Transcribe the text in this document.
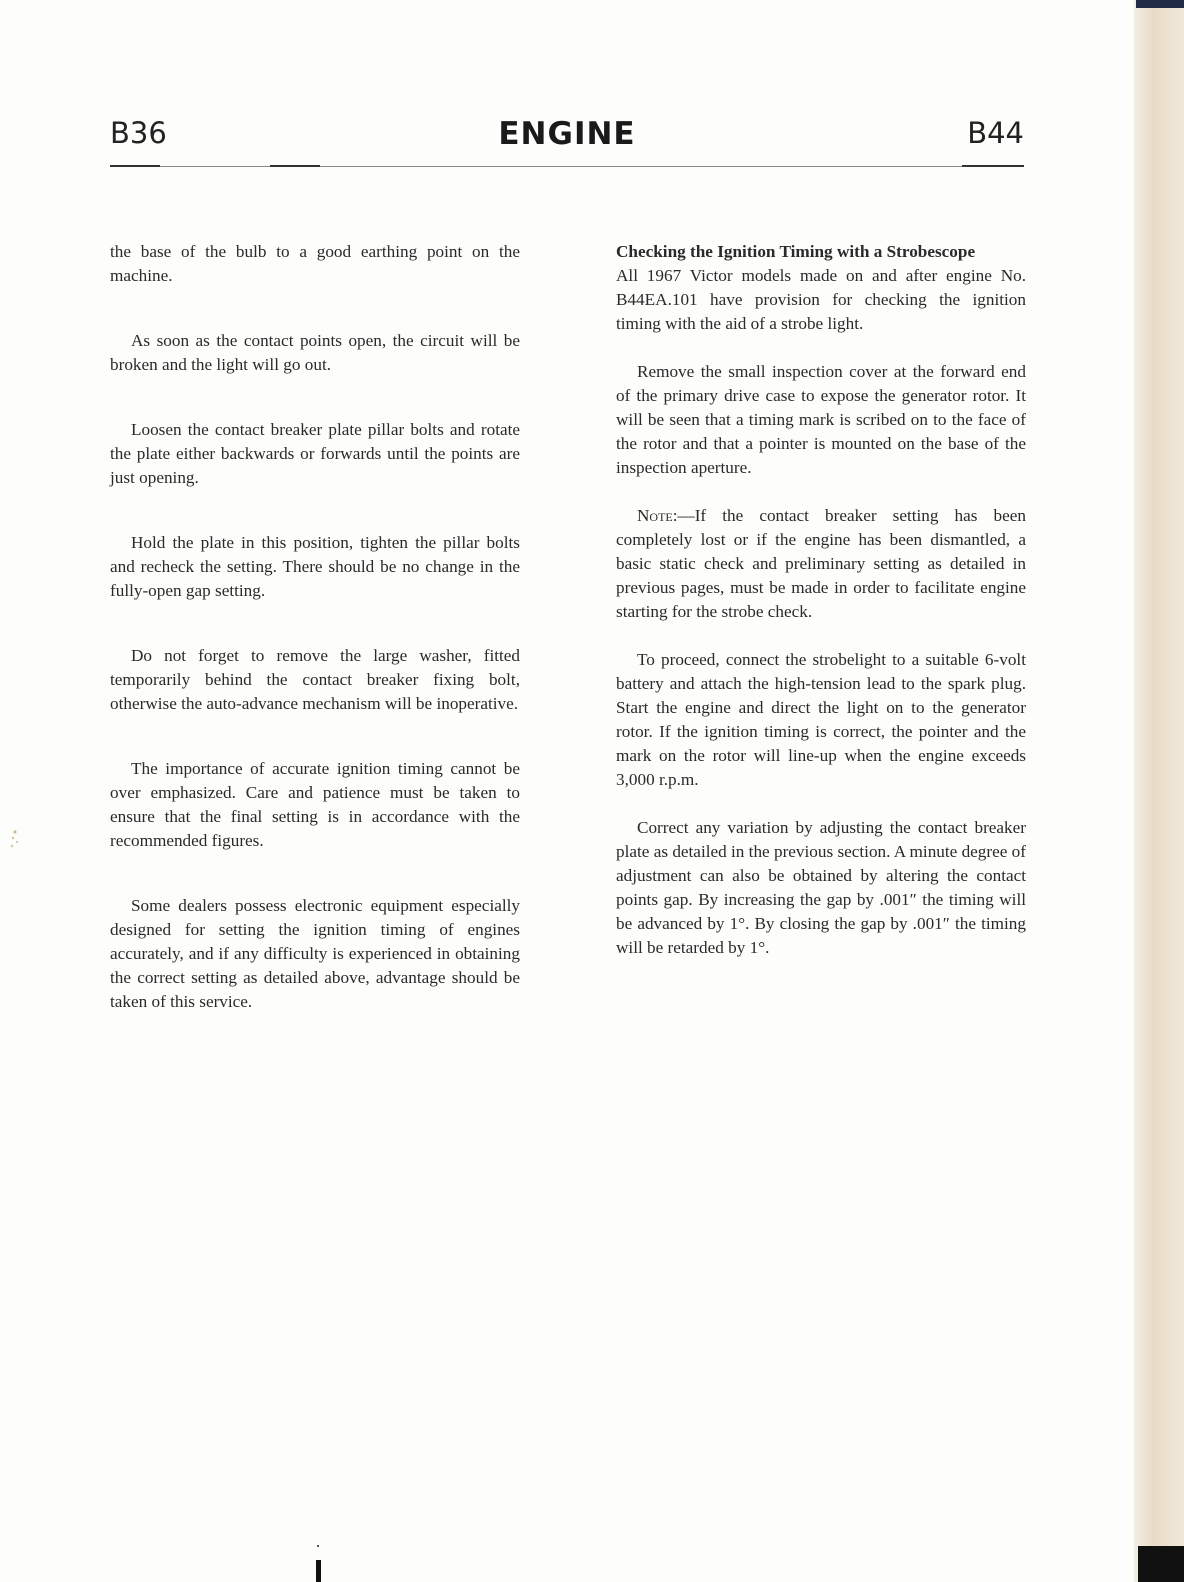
B36	ENGINE	B44

the base of the bulb to a good earthing point on the machine.

As soon as the contact points open, the circuit will be broken and the light will go out.

Loosen the contact breaker plate pillar bolts and rotate the plate either backwards or forwards until the points are just opening.

Hold the plate in this position, tighten the pillar bolts and recheck the setting. There should be no change in the fully-open gap setting.

Do not forget to remove the large washer, fitted temporarily behind the contact breaker fixing bolt, otherwise the auto-advance mechanism will be inoperative.

The importance of accurate ignition timing cannot be over emphasized. Care and patience must be taken to ensure that the final setting is in accordance with the recommended figures.

Some dealers possess electronic equipment especially designed for setting the ignition timing of engines accurately, and if any difficulty is experienced in obtaining the correct setting as detailed above, advantage should be taken of this service.

Checking the Ignition Timing with a Strobescope
All 1967 Victor models made on and after engine No. B44EA.101 have provision for checking the ignition timing with the aid of a strobe light.

Remove the small inspection cover at the forward end of the primary drive case to expose the generator rotor. It will be seen that a timing mark is scribed on to the face of the rotor and that a pointer is mounted on the base of the inspection aperture.

Note:—If the contact breaker setting has been completely lost or if the engine has been dismantled, a basic static check and preliminary setting as detailed in previous pages, must be made in order to facilitate engine starting for the strobe check.

To proceed, connect the strobelight to a suitable 6-volt battery and attach the high-tension lead to the spark plug. Start the engine and direct the light on to the generator rotor. If the ignition timing is correct, the pointer and the mark on the rotor will line-up when the engine exceeds 3,000 r.p.m.

Correct any variation by adjusting the contact breaker plate as detailed in the previous section. A minute degree of adjustment can also be obtained by altering the contact points gap. By increasing the gap by .001″ the timing will be advanced by 1°. By closing the gap by .001″ the timing will be retarded by 1°.
